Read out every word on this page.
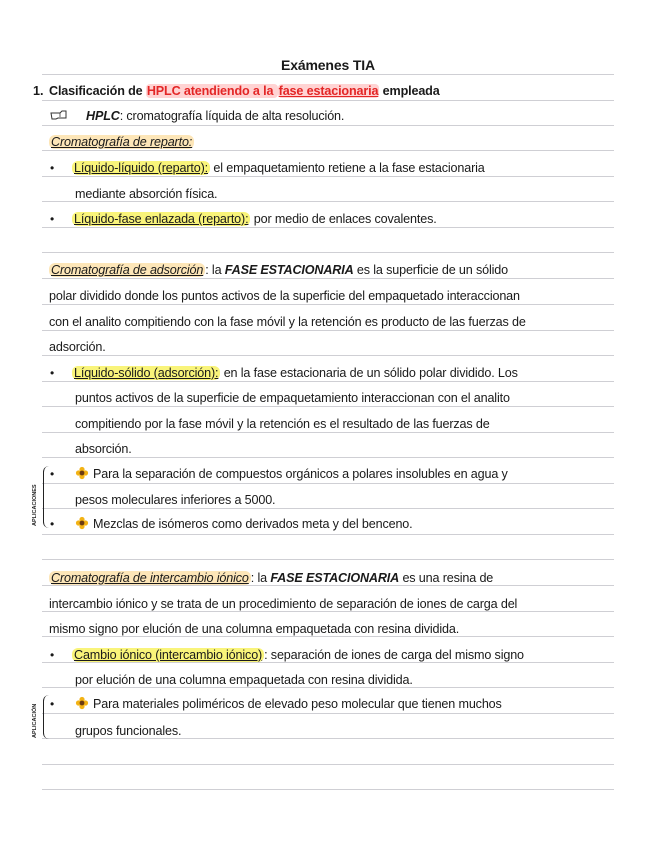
Exámenes TIA
1. Clasificación de HPLC atendiendo a la fase estacionaria empleada
HPLC: cromatografía líquida de alta resolución.
Cromatografía de reparto:
• Líquido-líquido (reparto): el empaquetamiento retiene a la fase estacionaria
mediante absorción física.
• Líquido-fase enlazada (reparto): por medio de enlaces covalentes.
Cromatografía de adsorción : la FASE ESTACIONARIA es la superficie de un sólido
polar dividido donde los puntos activos de la superficie del empaquetado interaccionan
con el analito compitiendo con la fase móvil y la retención es producto de las fuerzas de
adsorción.
• Líquido-sólido (adsorción): en la fase estacionaria de un sólido polar dividido. Los
puntos activos de la superficie de empaquetamiento interaccionan con el analito
compitiendo por la fase móvil y la retención es el resultado de las fuerzas de
absorción.
APLICACIONES
•	Para la separación de compuestos orgánicos a polares insolubles en agua y
pesos moleculares inferiores a 5000.
•	Mezclas de isómeros como derivados meta y del benceno.
Cromatografía de intercambio iónico : la FASE ESTACIONARIA es una resina de
intercambio iónico y se trata de un procedimiento de separación de iones de carga del
mismo signo por elución de una columna empaquetada con resina dividida.
• Cambio iónico (intercambio iónico) : separación de iones de carga del mismo signo
por elución de una columna empaquetada con resina dividida.
APLICACIÓN •	Para materiales poliméricos de elevado peso molecular que tienen muchos
grupos funcionales.
